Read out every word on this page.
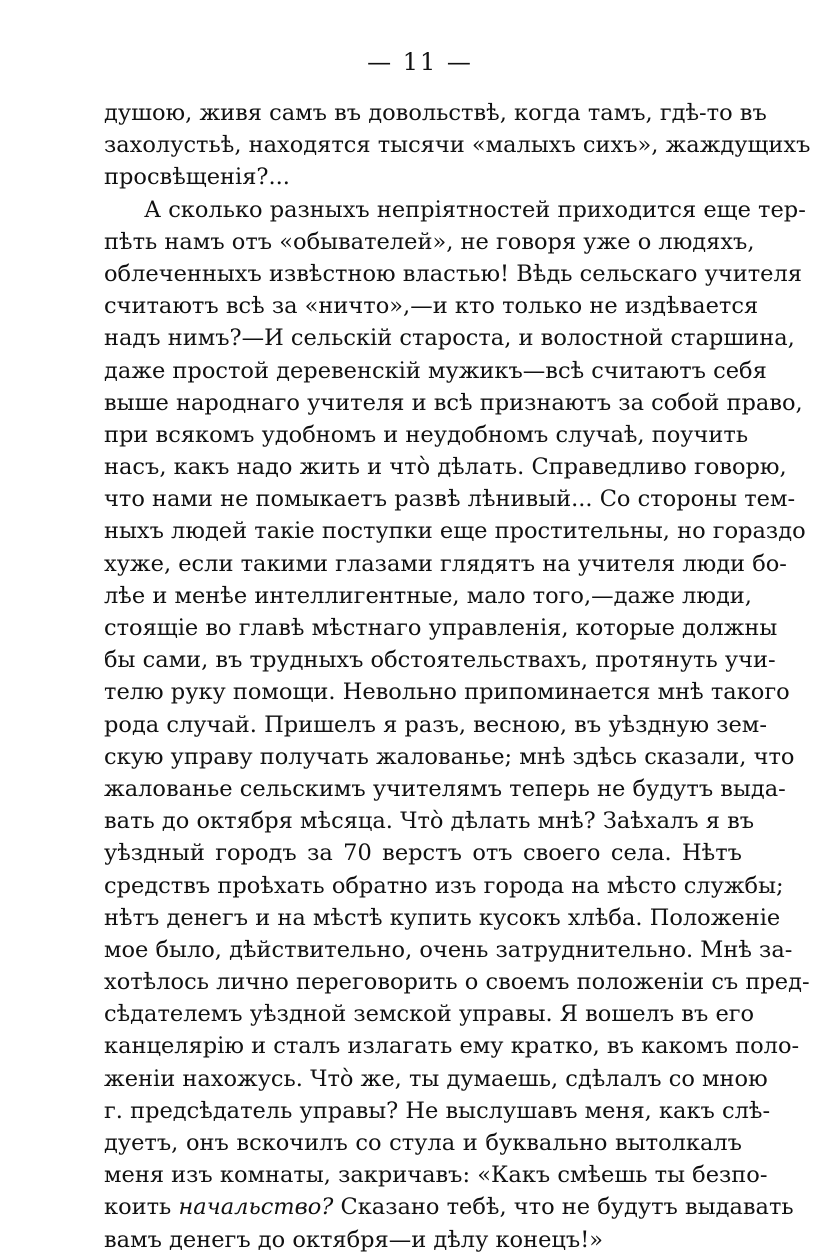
— 11 —
душою, живя самъ въ довольствѣ, когда тамъ, гдѣ-то въ
захолустьѣ, находятся тысячи «малыхъ сихъ», жаждущихъ
просвѣщенія?...
А сколько разныхъ непріятностей приходится еще тер-
пѣть намъ отъ «обывателей», не говоря уже о людяхъ,
облеченныхъ извѣстною властью! Вѣдь сельскаго учителя
считаютъ всѣ за «ничто»,—и кто только не издѣвается
надъ нимъ?—И сельскій староста, и волостной старшина,
даже простой деревенскій мужикъ—всѣ считаютъ себя
выше народнаго учителя и всѣ признаютъ за собой право,
при всякомъ удобномъ и неудобномъ случаѣ, поучить
насъ, какъ надо жить и что̀ дѣлать. Справедливо говорю,
что нами не помыкаетъ развѣ лѣнивый... Со стороны тем-
ныхъ людей такіе поступки еще простительны, но гораздо
хуже, если такими глазами глядятъ на учителя люди бо-
лѣе и менѣе интеллигентные, мало того,—даже люди,
стоящіе во главѣ мѣстнаго управленія, которые должны
бы сами, въ трудныхъ обстоятельствахъ, протянуть учи-
телю руку помощи. Невольно припоминается мнѣ такого
рода случай. Пришелъ я разъ, весною, въ уѣздную зем-
скую управу получать жалованье; мнѣ здѣсь сказали, что
жалованье сельскимъ учителямъ теперь не будутъ выда-
вать до октября мѣсяца. Что̀ дѣлать мнѣ? Заѣхалъ я въ
уѣздный городъ за 70 верстъ отъ своего села. Нѣтъ
средствъ проѣхать обратно изъ города на мѣсто службы;
нѣтъ денегъ и на мѣстѣ купить кусокъ хлѣба. Положеніе
мое было, дѣйствительно, очень затруднительно. Мнѣ за-
хотѣлось лично переговорить о своемъ положеніи съ пред-
сѣдателемъ уѣздной земской управы. Я вошелъ въ его
канцелярію и сталъ излагать ему кратко, въ какомъ поло-
женіи нахожусь. Что̀ же, ты думаешь, сдѣлалъ со мною
г. предсѣдатель управы? Не выслушавъ меня, какъ слѣ-
дуетъ, онъ вскочилъ со стула и буквально вытолкалъ
меня изъ комнаты, закричавъ: «Какъ смѣешь ты безпо-
коить начальство? Сказано тебѣ, что не будутъ выдавать
вамъ денегъ до октября—и дѣлу конецъ!»
